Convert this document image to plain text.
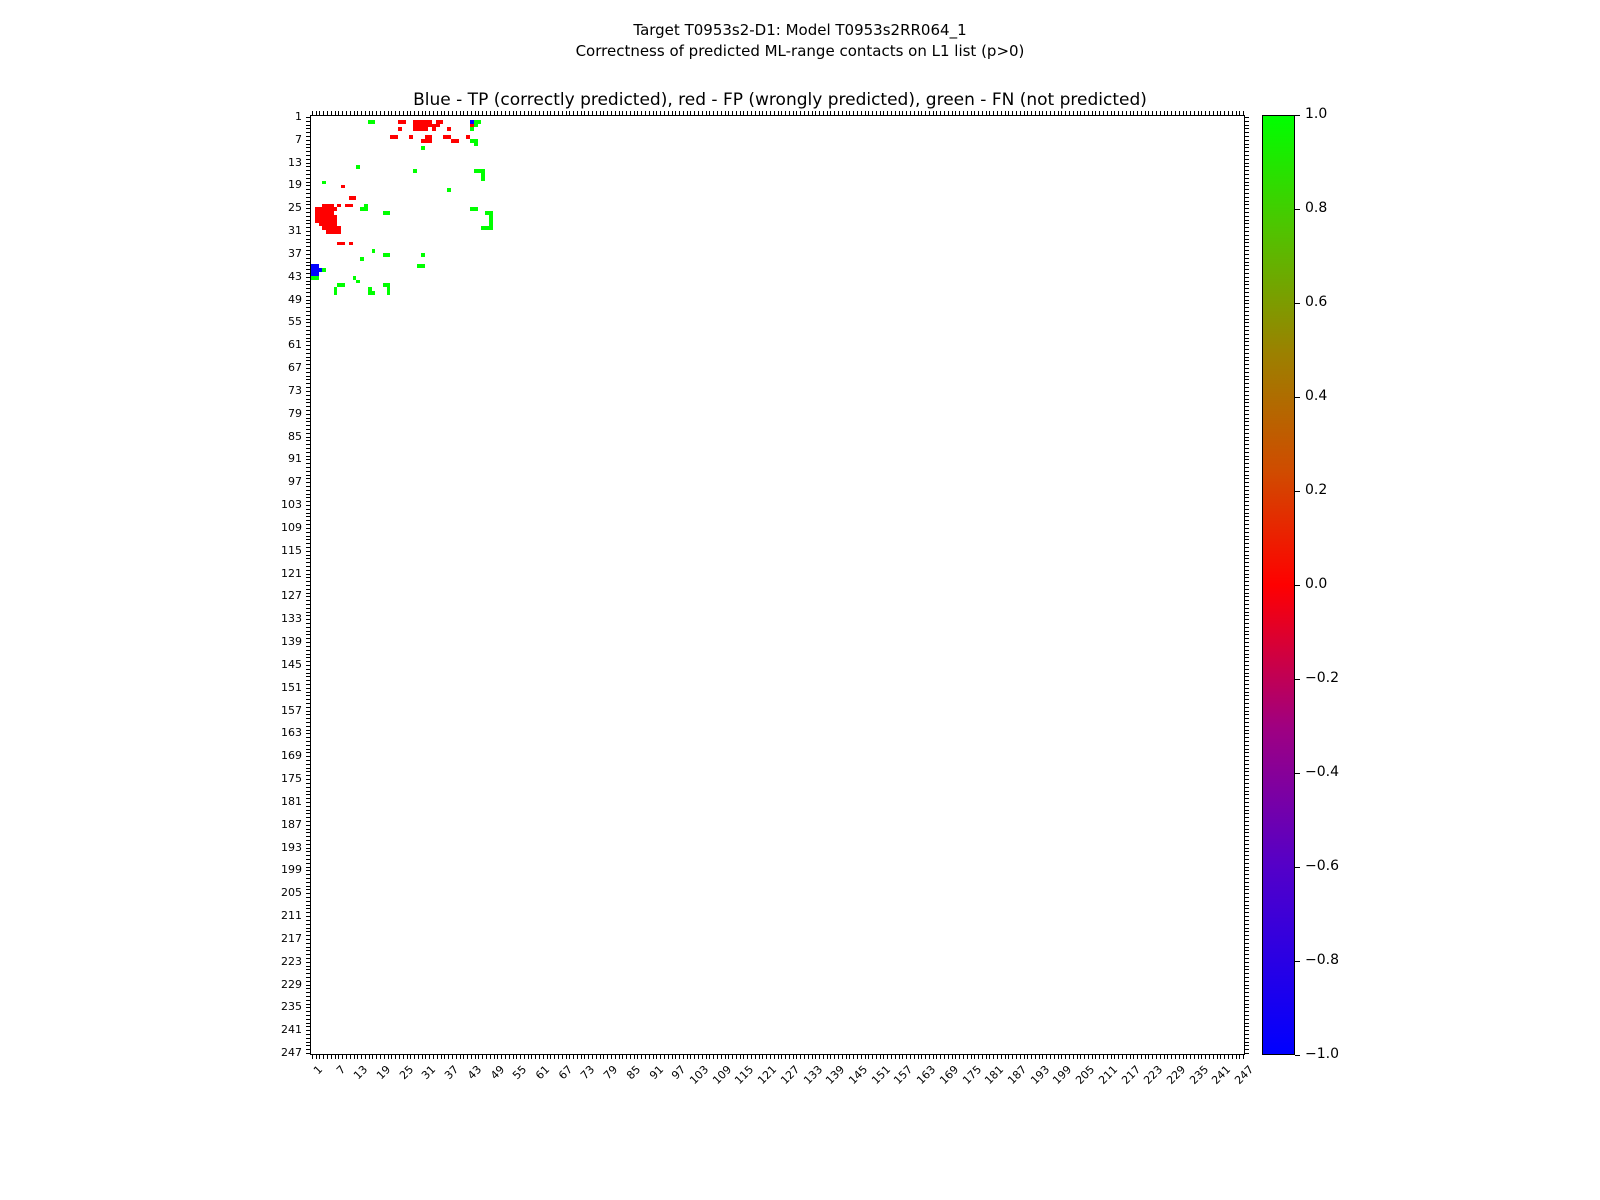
Target T0953s2-D1: Model T0953s2RR064_1
Correctness of predicted ML-range contacts on L1 list (p>0)
Blue - TP (correctly predicted), red - FP (wrongly predicted), green - FN (not predicted)
1
7
13
19
25
31
37
43
49
55
61
67
73
79
85
91
97
103
109
115
121
127
133
139
145
151
157
163
169
175
181
187
193
199
205
211
217
223
229
235
241
247
1 7 13 19 25 31 37 43 49 55 61 67 73 79 85 91 97
103
109
115
121
127
133
139
145
151
157
163
169
175
181
187
193
199
205
211
217
223
229
235
241
247
1.0
0.8
0.6
0.4
0.2
0.0
−0.2
−0.4
−0.6
−0.8
−1.0
